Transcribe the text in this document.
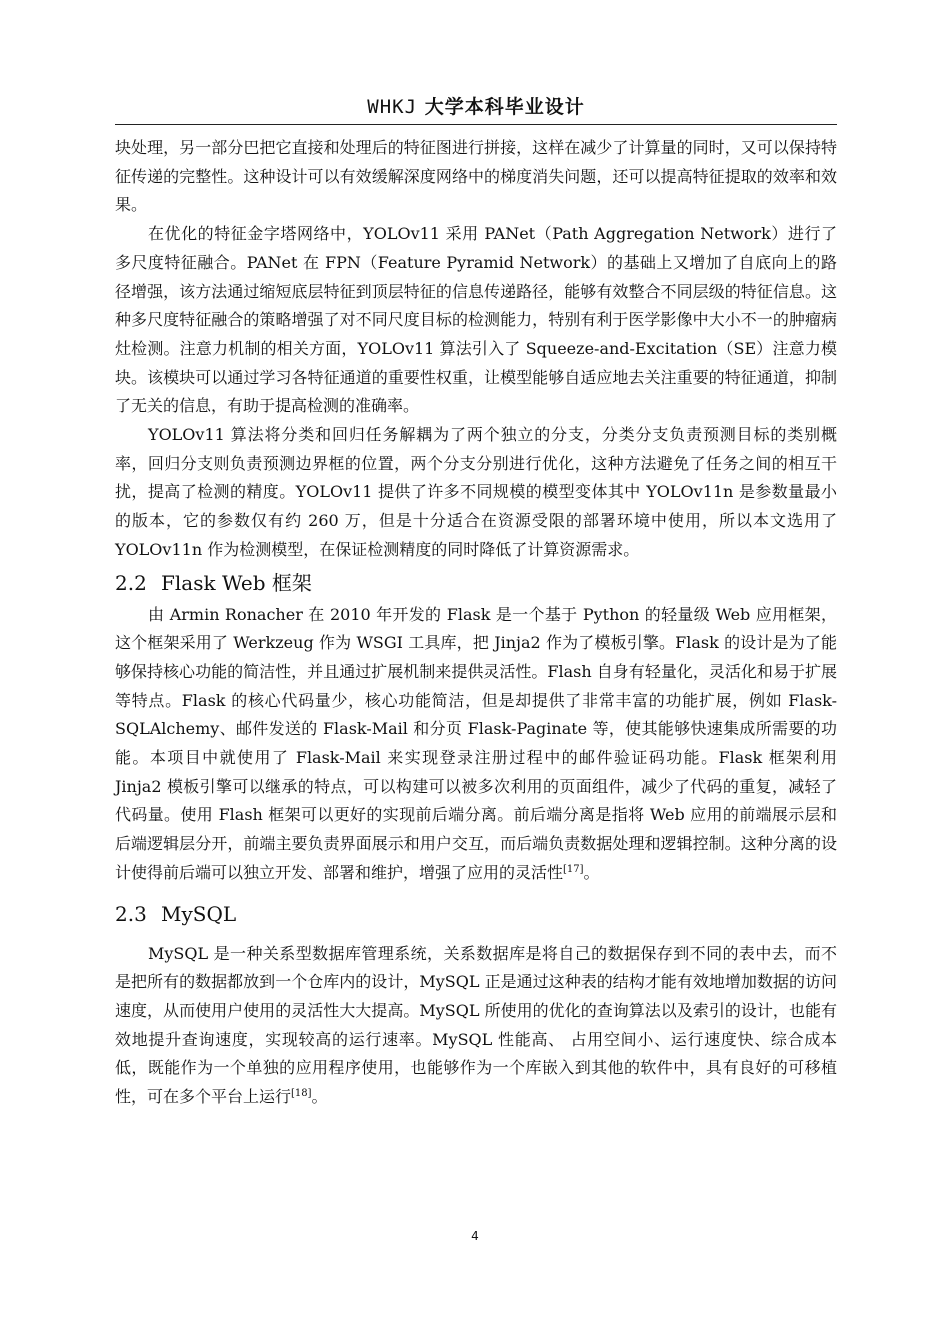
WHKJ 大学本科毕业设计

块处理，另一部分巴把它直接和处理后的特征图进行拼接，这样在减少了计算量的同时，又可以保持特征传递的完整性。这种设计可以有效缓解深度网络中的梯度消失问题，还可以提高特征提取的效率和效果。

在优化的特征金字塔网络中，YOLOv11 采用 PANet（Path Aggregation Network）进行了多尺度特征融合。PANet 在 FPN（Feature Pyramid Network）的基础上又增加了自底向上的路径增强，该方法通过缩短底层特征到顶层特征的信息传递路径，能够有效整合不同层级的特征信息。这种多尺度特征融合的策略增强了对不同尺度目标的检测能力，特别有利于医学影像中大小不一的肿瘤病灶检测。注意力机制的相关方面，YOLOv11 算法引入了 Squeeze-and-Excitation（SE）注意力模块。该模块可以通过学习各特征通道的重要性权重，让模型能够自适应地去关注重要的特征通道，抑制了无关的信息，有助于提高检测的准确率。

YOLOv11 算法将分类和回归任务解耦为了两个独立的分支，分类分支负责预测目标的类别概率，回归分支则负责预测边界框的位置，两个分支分别进行优化，这种方法避免了任务之间的相互干扰，提高了检测的精度。YOLOv11 提供了许多不同规模的模型变体其中 YOLOv11n 是参数量最小的版本，它的参数仅有约 260 万，但是十分适合在资源受限的部署环境中使用，所以本文选用了 YOLOv11n 作为检测模型，在保证检测精度的同时降低了计算资源需求。

2.2 Flask Web 框架

由 Armin Ronacher 在 2010 年开发的 Flask 是一个基于 Python 的轻量级 Web 应用框架，这个框架采用了 Werkzeug 作为 WSGI 工具库，把 Jinja2 作为了模板引擎。Flask 的设计是为了能够保持核心功能的简洁性，并且通过扩展机制来提供灵活性。Flash 自身有轻量化，灵活化和易于扩展等特点。Flask 的核心代码量少，核心功能简洁，但是却提供了非常丰富的功能扩展，例如 Flask-SQLAlchemy、邮件发送的 Flask-Mail 和分页 Flask-Paginate 等，使其能够快速集成所需要的功能。本项目中就使用了 Flask-Mail 来实现登录注册过程中的邮件验证码功能。Flask 框架利用 Jinja2 模板引擎可以继承的特点，可以构建可以被多次利用的页面组件，减少了代码的重复，减轻了代码量。使用 Flash 框架可以更好的实现前后端分离。前后端分离是指将 Web 应用的前端展示层和后端逻辑层分开，前端主要负责界面展示和用户交互，而后端负责数据处理和逻辑控制。这种分离的设计使得前后端可以独立开发、部署和维护，增强了应用的灵活性[17]。

2.3 MySQL

MySQL 是一种关系型数据库管理系统，关系数据库是将自己的数据保存到不同的表中去，而不是把所有的数据都放到一个仓库内的设计，MySQL 正是通过这种表的结构才能有效地增加数据的访问速度，从而使用户使用的灵活性大大提高。MySQL 所使用的优化的查询算法以及索引的设计，也能有效地提升查询速度，实现较高的运行速率。MySQL 性能高、 占用空间小、运行速度快、综合成本低，既能作为一个单独的应用程序使用，也能够作为一个库嵌入到其他的软件中，具有良好的可移植性，可在多个平台上运行[18]。

4
